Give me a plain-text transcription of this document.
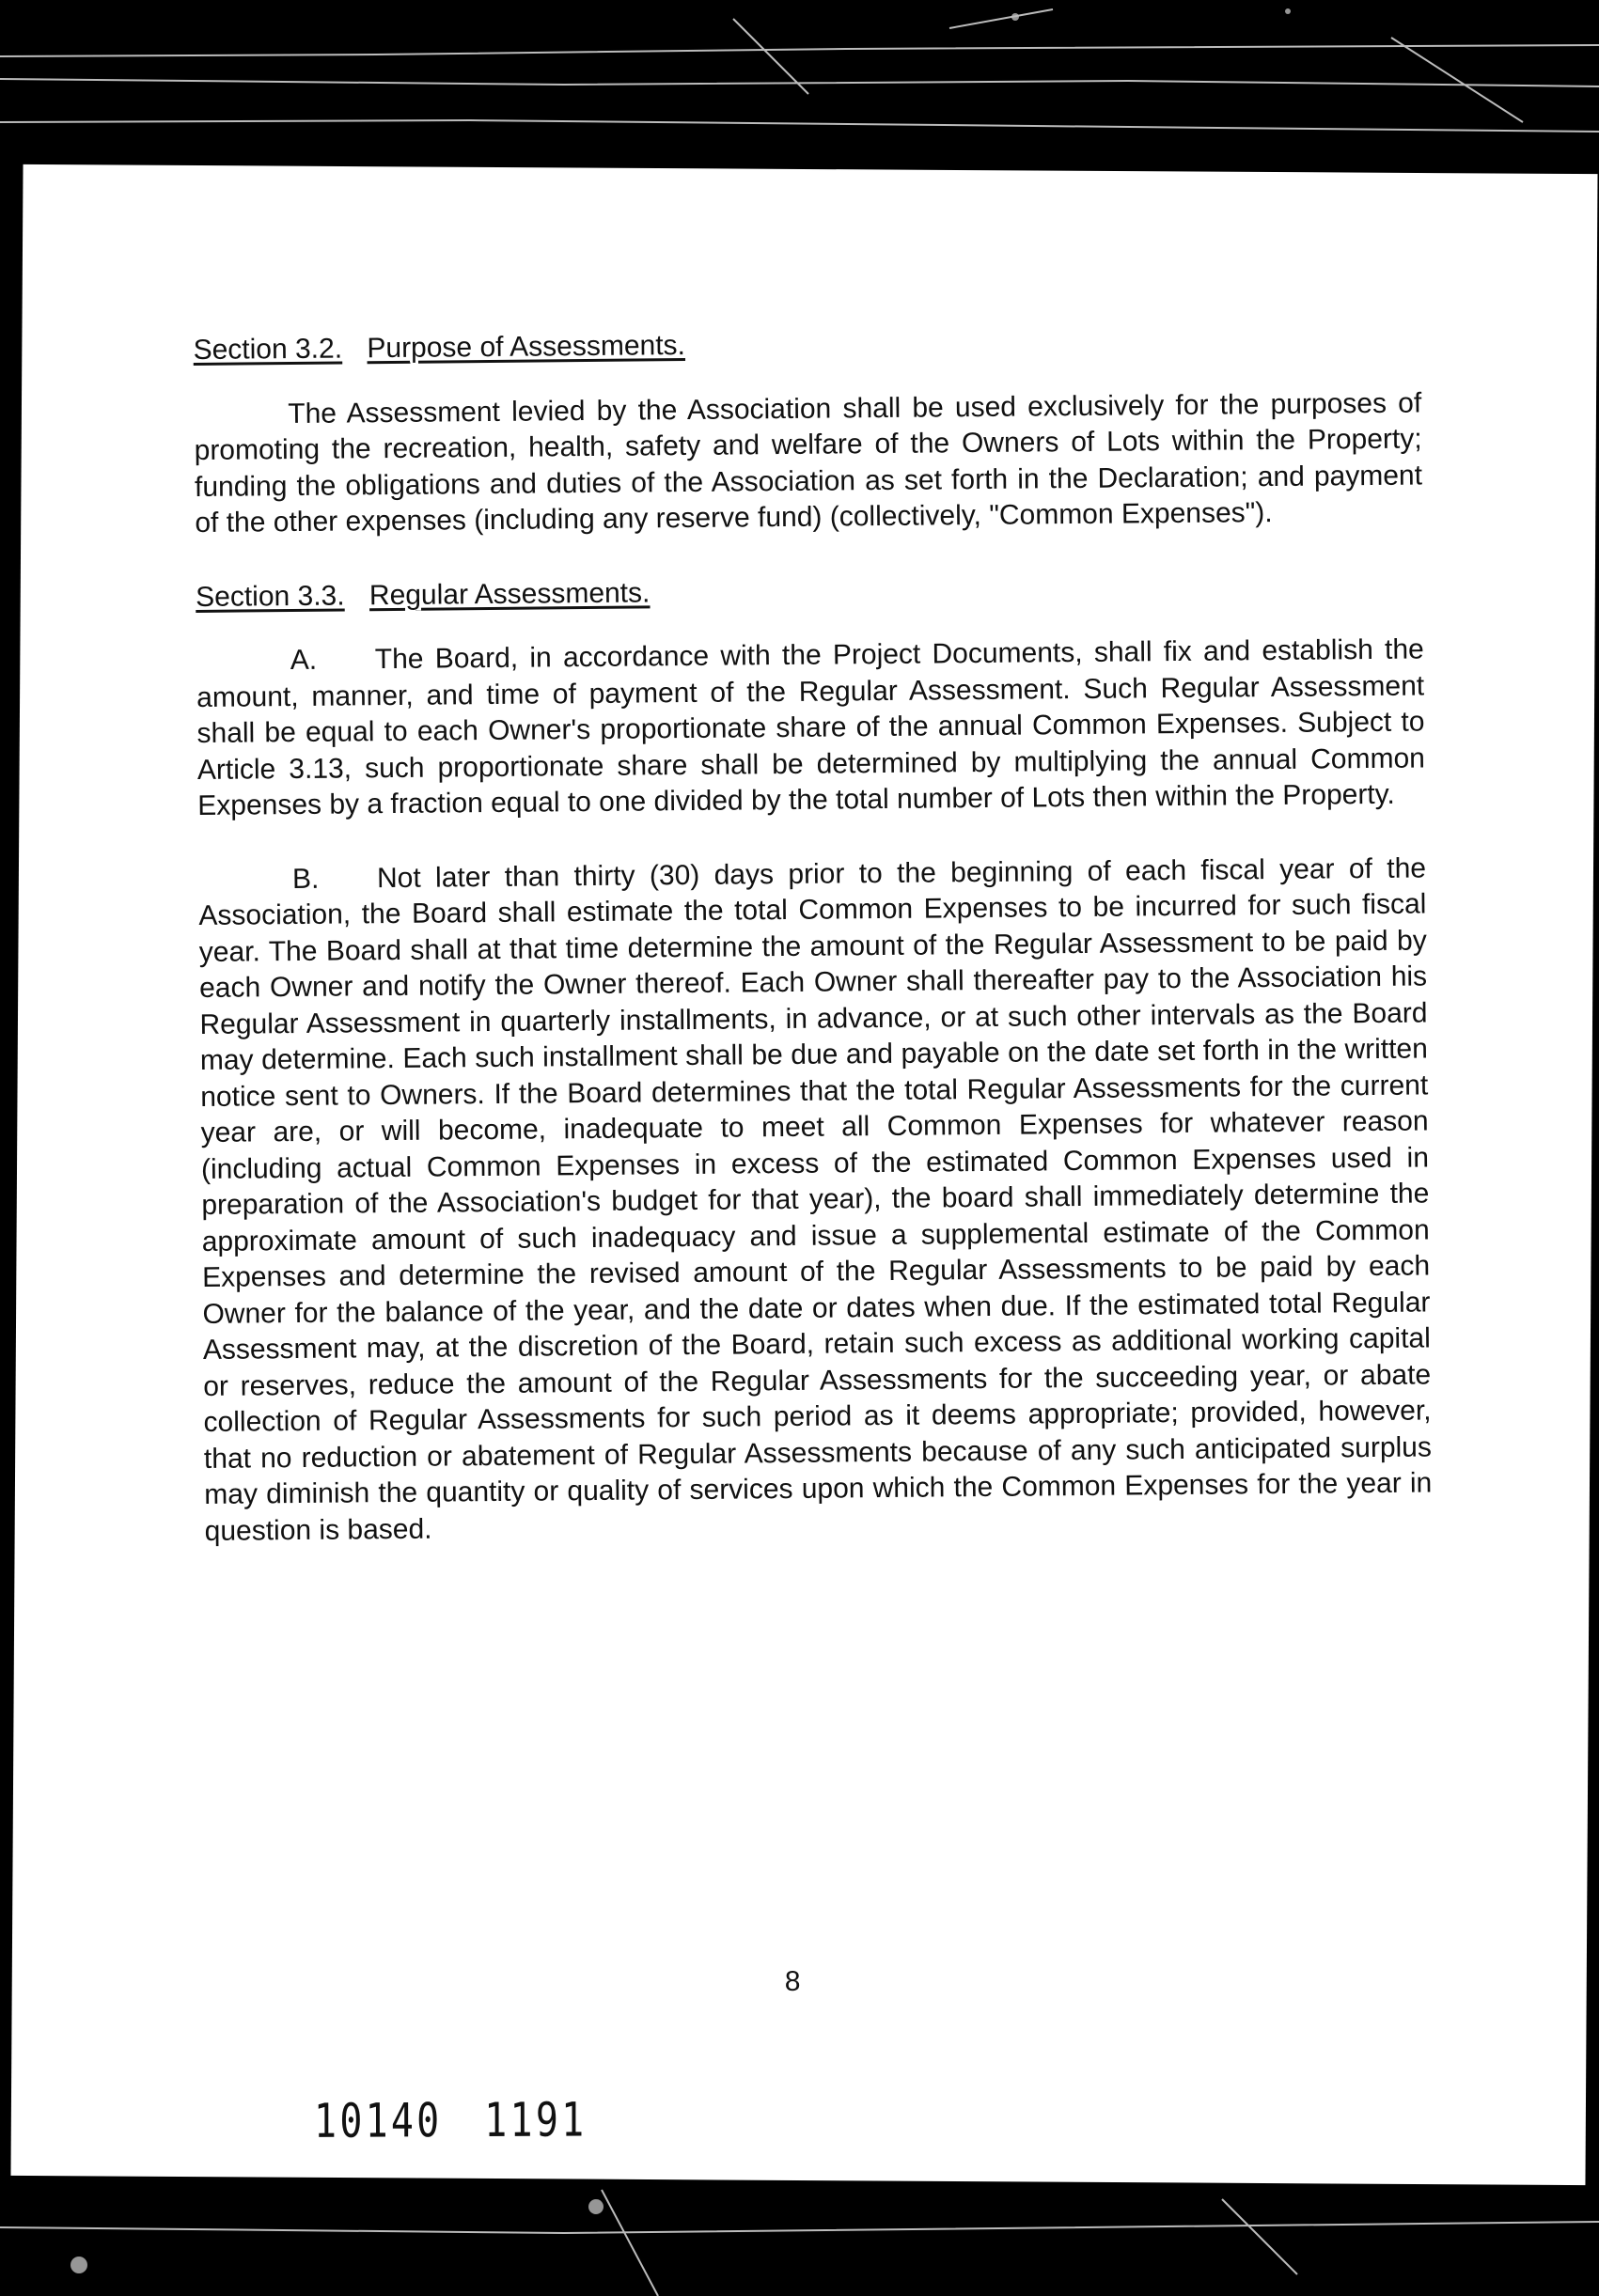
Section 3.2. Purpose of Assessments.

The Assessment levied by the Association shall be used exclusively for the purposes of promoting the recreation, health, safety and welfare of the Owners of Lots within the Property; funding the obligations and duties of the Association as set forth in the Declaration; and payment of the other expenses (including any reserve fund) (collectively, "Common Expenses").

Section 3.3. Regular Assessments.

A. The Board, in accordance with the Project Documents, shall fix and establish the amount, manner, and time of payment of the Regular Assessment. Such Regular Assessment shall be equal to each Owner's proportionate share of the annual Common Expenses. Subject to Article 3.13, such proportionate share shall be determined by multiplying the annual Common Expenses by a fraction equal to one divided by the total number of Lots then within the Property.

B. Not later than thirty (30) days prior to the beginning of each fiscal year of the Association, the Board shall estimate the total Common Expenses to be incurred for such fiscal year. The Board shall at that time determine the amount of the Regular Assessment to be paid by each Owner and notify the Owner thereof. Each Owner shall thereafter pay to the Association his Regular Assessment in quarterly installments, in advance, or at such other intervals as the Board may determine. Each such installment shall be due and payable on the date set forth in the written notice sent to Owners. If the Board determines that the total Regular Assessments for the current year are, or will become, inadequate to meet all Common Expenses for whatever reason (including actual Common Expenses in excess of the estimated Common Expenses used in preparation of the Association's budget for that year), the board shall immediately determine the approximate amount of such inadequacy and issue a supplemental estimate of the Common Expenses and determine the revised amount of the Regular Assessments to be paid by each Owner for the balance of the year, and the date or dates when due. If the estimated total Regular Assessment may, at the discretion of the Board, retain such excess as additional working capital or reserves, reduce the amount of the Regular Assessments for the succeeding year, or abate collection of Regular Assessments for such period as it deems appropriate; provided, however, that no reduction or abatement of Regular Assessments because of any such anticipated surplus may diminish the quantity or quality of services upon which the Common Expenses for the year in question is based.

8
10140 1191
